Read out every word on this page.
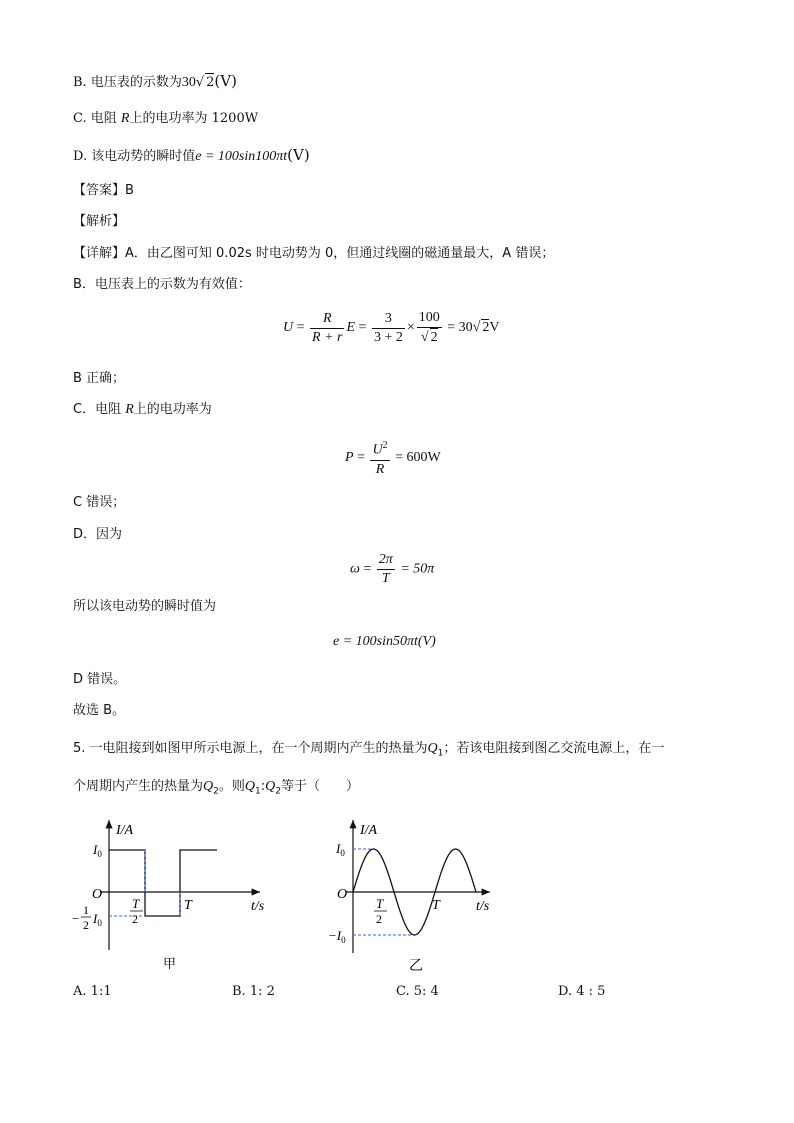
B. 电压表的示数为30√ 2(V)
C. 电阻 R上的电功率为 1200W
D. 该电动势的瞬时值e = 100sin100πt(V)
【答案】B
【解析】
【详解】A．由乙图可知 0.02s 时电动势为 0，但通过线圈的磁通量最大，A 错误；
B．电压表上的示数为有效值：
$U = \frac{R}{R + r}$ $E = \frac{3}{3 + 2} \times \frac{100}{√ 2} = 30√$ 2V
B 正确；
C．电阻 R上的电功率为
$P = \frac{U^2}{R} = 600W$
C 错误；
D．因为
$\omega = \frac{2\pi}{T} = 50\pi$
所以该电动势的瞬时值为
e = 100sin50πt(V)
D 错误。
故选 B。
5. 一电阻接到如图甲所示电源上，在一个周期内产生的热量为$Q_1$；若该电阻接到图乙交流电源上，在一
个周期内产生的热量为$Q_2$。则$Q_1:Q_2$等于（　　）
I/A
t/s
O
$I_0$
−
1
2 $I_0$
T
2
T
甲
I/A
t/s
O
$I_0$
$-I_0$
T
2
T
乙
A. 1:1	B. 1: 2	C. 5: 4	D. 4 : 5
